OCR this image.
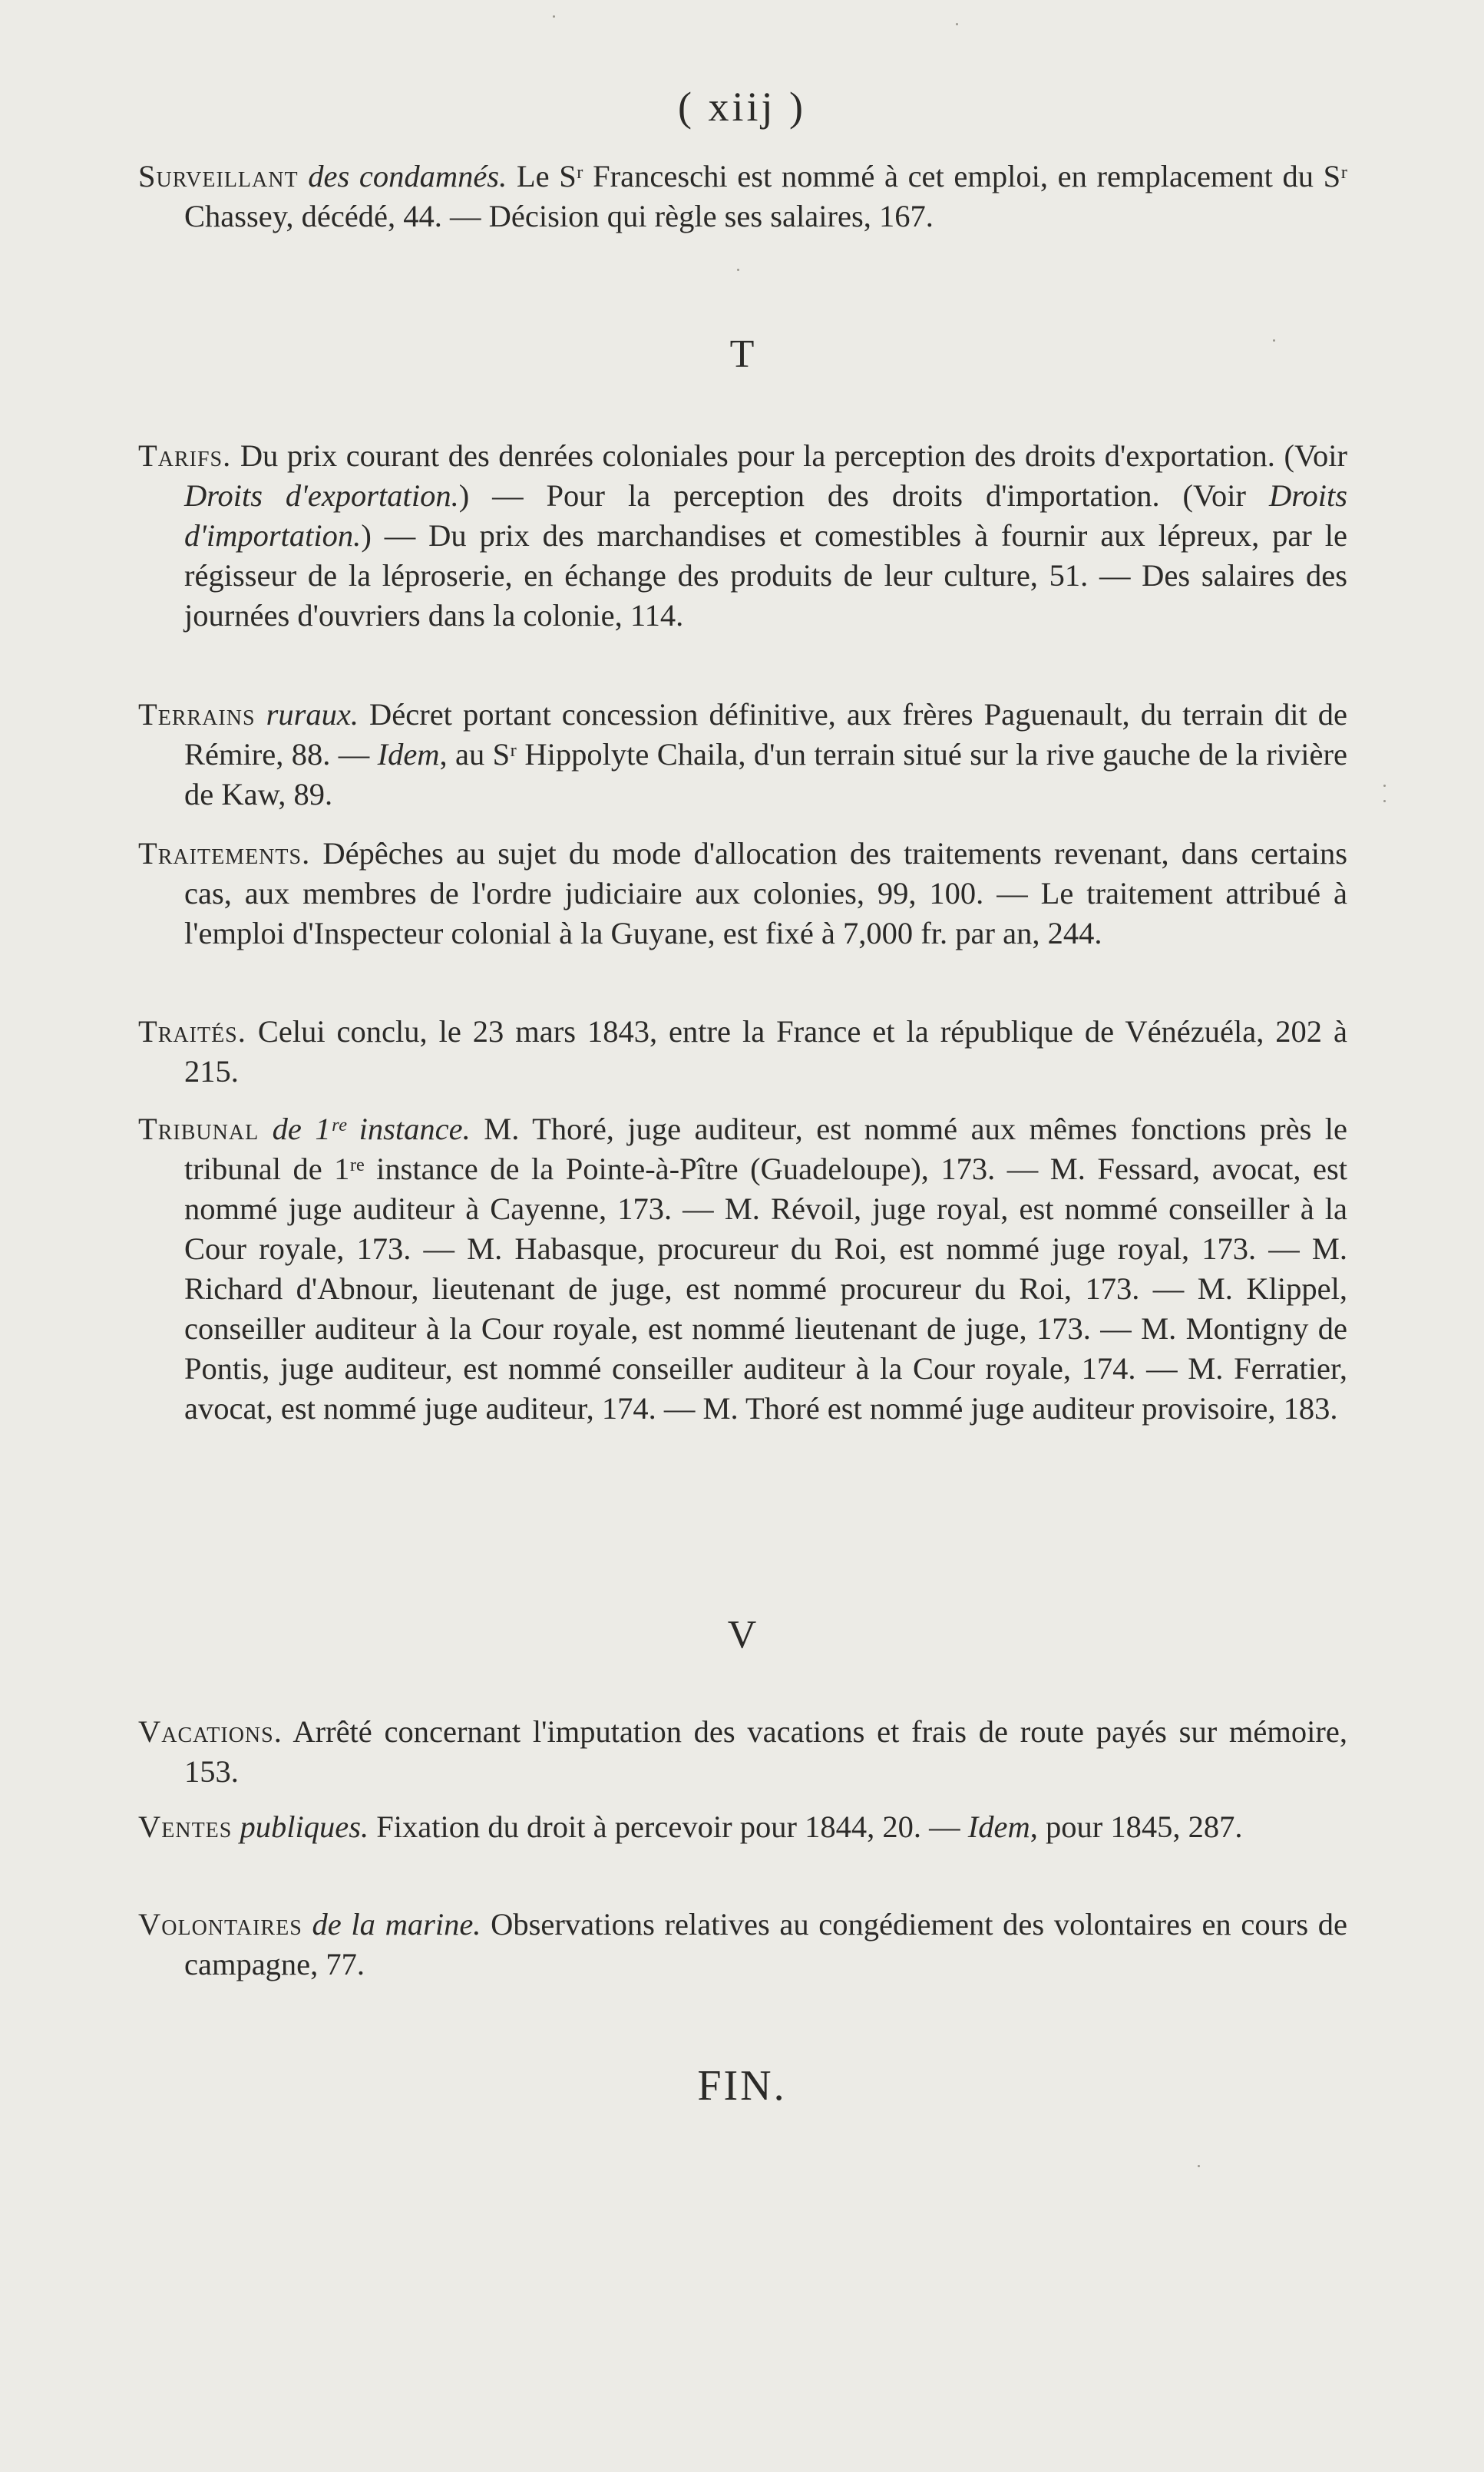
( xiij )
Surveillant des condamnés. Le Sʳ Franceschi est nommé à cet emploi, en remplacement du Sʳ Chassey, décédé, 44. — Décision qui règle ses salaires, 167.
T
Tarifs. Du prix courant des denrées coloniales pour la perception des droits d'exportation. (Voir Droits d'exportation.) — Pour la perception des droits d'importation. (Voir Droits d'importation.) — Du prix des marchandises et comestibles à fournir aux lépreux, par le régisseur de la léproserie, en échange des produits de leur culture, 51. — Des salaires des journées d'ouvriers dans la colonie, 114.
Terrains ruraux. Décret portant concession définitive, aux frères Paguenault, du terrain dit de Rémire, 88. — Idem, au Sʳ Hippolyte Chaila, d'un terrain situé sur la rive gauche de la rivière de Kaw, 89.
Traitements. Dépêches au sujet du mode d'allocation des traitements revenant, dans certains cas, aux membres de l'ordre judiciaire aux colonies, 99, 100. — Le traitement attribué à l'emploi d'Inspecteur colonial à la Guyane, est fixé à 7,000 fr. par an, 244.
Traités. Celui conclu, le 23 mars 1843, entre la France et la république de Vénézuéla, 202 à 215.
Tribunal de 1ʳᵉ instance. M. Thoré, juge auditeur, est nommé aux mêmes fonctions près le tribunal de 1ʳᵉ instance de la Pointe-à-Pître (Guadeloupe), 173. — M. Fessard, avocat, est nommé juge auditeur à Cayenne, 173. — M. Révoil, juge royal, est nommé conseiller à la Cour royale, 173. — M. Habasque, procureur du Roi, est nommé juge royal, 173. — M. Richard d'Abnour, lieutenant de juge, est nommé procureur du Roi, 173. — M. Klippel, conseiller auditeur à la Cour royale, est nommé lieutenant de juge, 173. — M. Montigny de Pontis, juge auditeur, est nommé conseiller auditeur à la Cour royale, 174. — M. Ferratier, avocat, est nommé juge auditeur, 174. — M. Thoré est nommé juge auditeur provisoire, 183.
V
Vacations. Arrêté concernant l'imputation des vacations et frais de route payés sur mémoire, 153.
Ventes publiques. Fixation du droit à percevoir pour 1844, 20. — Idem, pour 1845, 287.
Volontaires de la marine. Observations relatives au congédiement des volontaires en cours de campagne, 77.
FIN.
